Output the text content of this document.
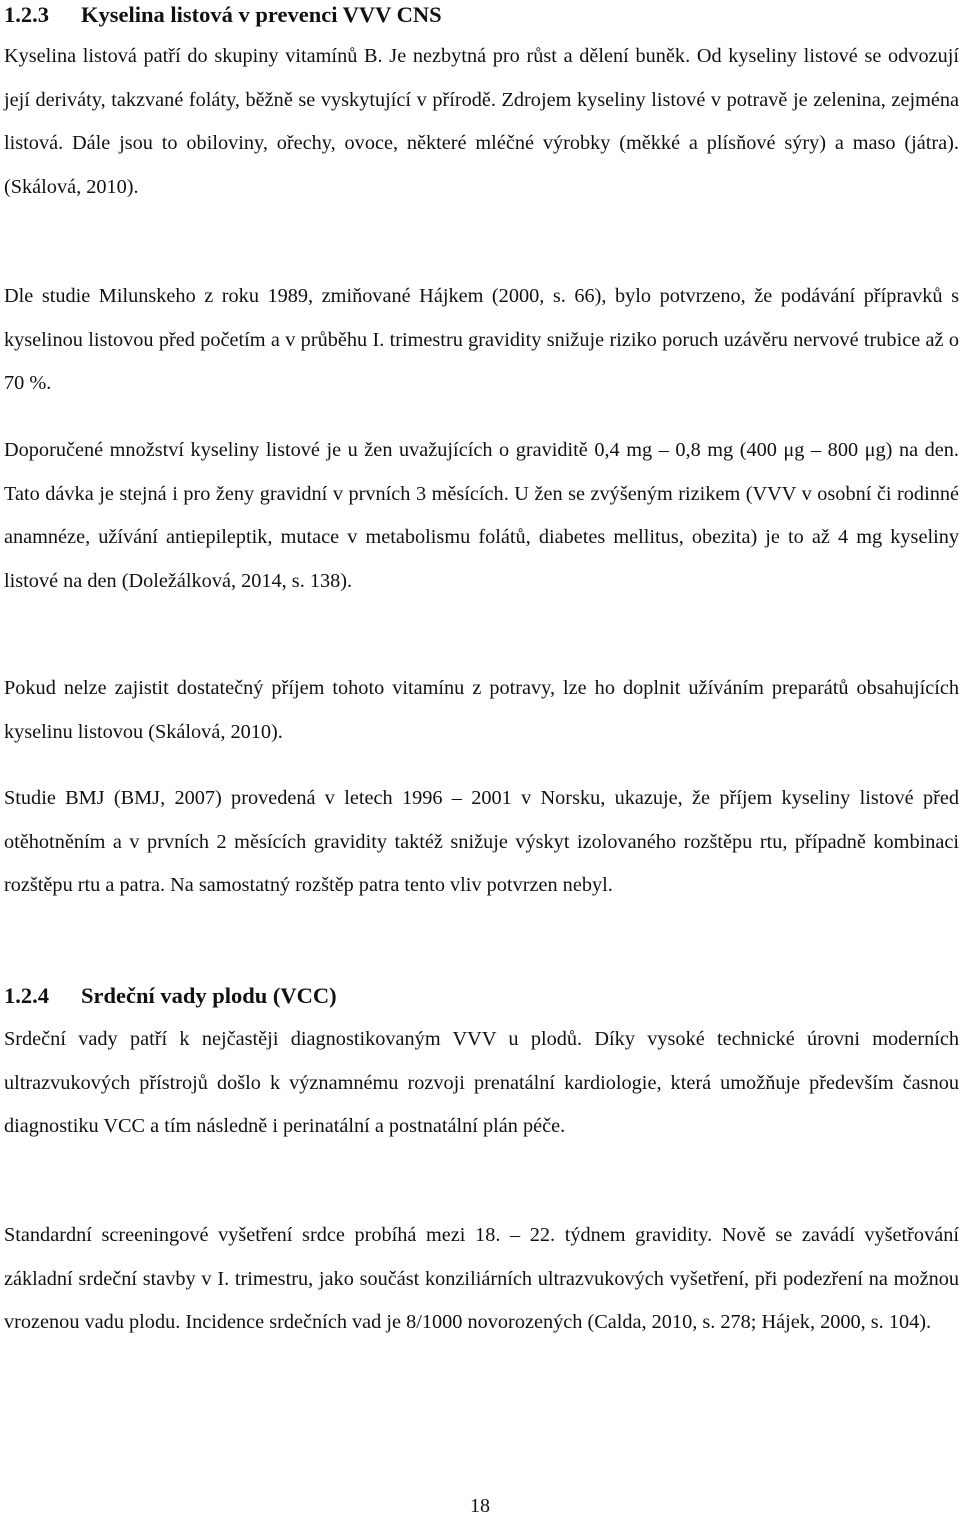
1.2.3 Kyselina listová v prevenci VVV CNS

Kyselina listová patří do skupiny vitamínů B. Je nezbytná pro růst a dělení buněk. Od kyseliny listové se odvozují její deriváty, takzvané foláty, běžně se vyskytující v přírodě. Zdrojem kyseliny listové v potravě je zelenina, zejména listová. Dále jsou to obiloviny, ořechy, ovoce, některé mléčné výrobky (měkké a plísňové sýry) a maso (játra). (Skálová, 2010).

Dle studie Milunskeho z roku 1989, zmiňované Hájkem (2000, s. 66), bylo potvrzeno, že podávání přípravků s kyselinou listovou před početím a v průběhu I. trimestru gravidity snižuje riziko poruch uzávěru nervové trubice až o 70 %.

Doporučené množství kyseliny listové je u žen uvažujících o graviditě 0,4 mg – 0,8 mg (400 μg – 800 μg) na den. Tato dávka je stejná i pro ženy gravidní v prvních 3 měsících. U žen se zvýšeným rizikem (VVV v osobní či rodinné anamnéze, užívání antiepileptik, mutace v metabolismu folátů, diabetes mellitus, obezita) je to až 4 mg kyseliny listové na den (Doležálková, 2014, s. 138).

Pokud nelze zajistit dostatečný příjem tohoto vitamínu z potravy, lze ho doplnit užíváním preparátů obsahujících kyselinu listovou (Skálová, 2010).

Studie BMJ (BMJ, 2007) provedená v letech 1996 – 2001 v Norsku, ukazuje, že příjem kyseliny listové před otěhotněním a v prvních 2 měsících gravidity taktéž snižuje výskyt izolovaného rozštěpu rtu, případně kombinaci rozštěpu rtu a patra. Na samostatný rozštěp patra tento vliv potvrzen nebyl.

1.2.4 Srdeční vady plodu (VCC)

Srdeční vady patří k nejčastěji diagnostikovaným VVV u plodů. Díky vysoké technické úrovni moderních ultrazvukových přístrojů došlo k významnému rozvoji prenatální kardiologie, která umožňuje především časnou diagnostiku VCC a tím následně i perinatální a postnatální plán péče.

Standardní screeningové vyšetření srdce probíhá mezi 18. – 22. týdnem gravidity. Nově se zavádí vyšetřování základní srdeční stavby v I. trimestru, jako součást konziliárních ultrazvukových vyšetření, při podezření na možnou vrozenou vadu plodu. Incidence srdečních vad je 8/1000 novorozených (Calda, 2010, s. 278; Hájek, 2000, s. 104).

18
